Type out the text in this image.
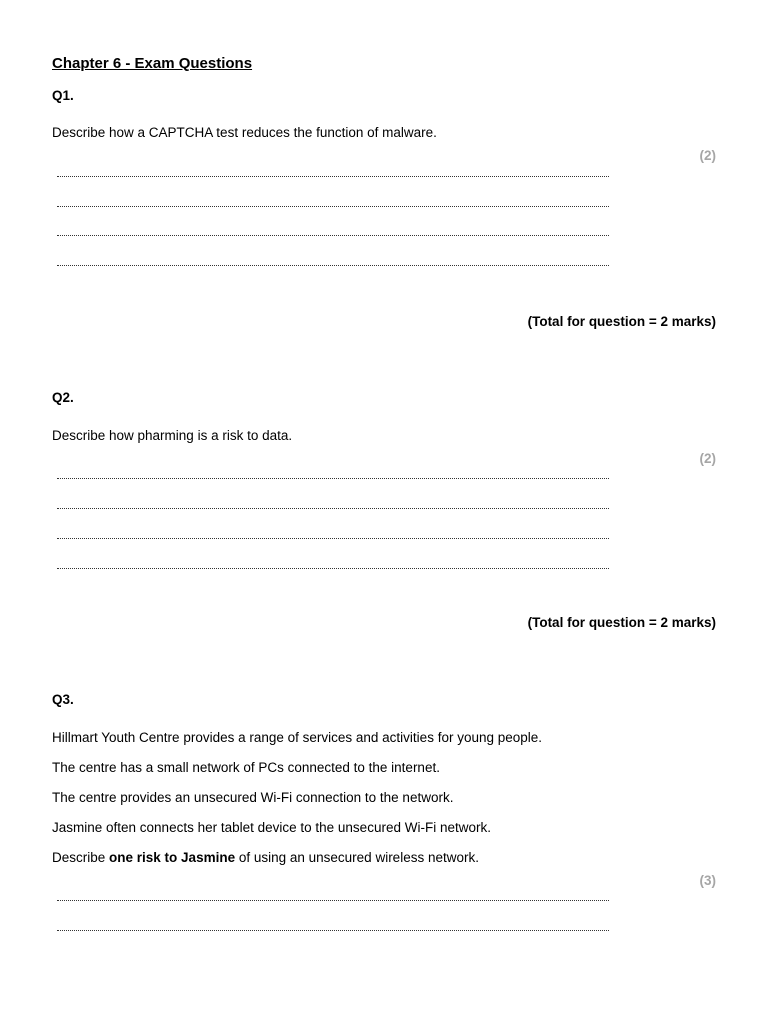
Chapter 6 - Exam Questions
Q1.
Describe how a CAPTCHA test reduces the function of malware.
(2)
(Total for question = 2 marks)
Q2.
Describe how pharming is a risk to data.
(2)
(Total for question = 2 marks)
Q3.
Hillmart Youth Centre provides a range of services and activities for young people.
The centre has a small network of PCs connected to the internet.
The centre provides an unsecured Wi-Fi connection to the network.
Jasmine often connects her tablet device to the unsecured Wi-Fi network.
Describe one risk to Jasmine of using an unsecured wireless network.
(3)
